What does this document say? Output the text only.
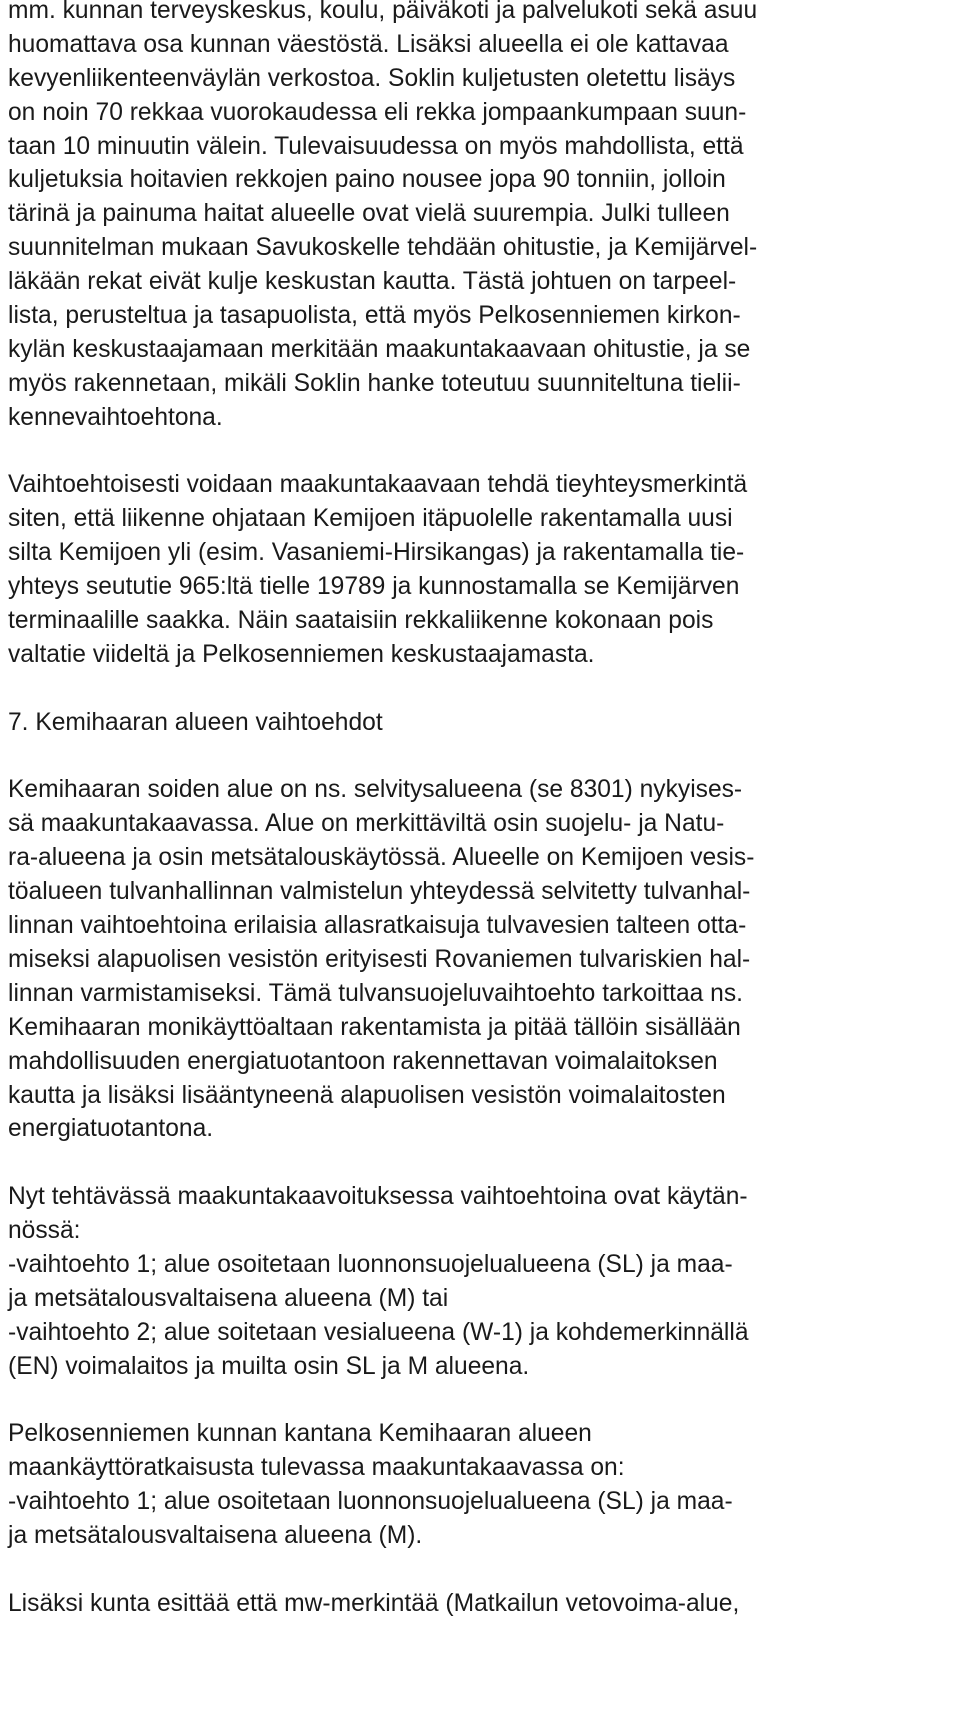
mm. kunnan terveyskeskus, koulu, päiväkoti ja palvelukoti sekä asuu
huomattava osa kunnan väestöstä. Lisäksi alueella ei ole kattavaa
kevyenliikenteenväylän verkostoa. Soklin kuljetusten oletettu lisäys
on noin 70 rekkaa vuorokaudessa eli rekka jompaankumpaan suun-
taan 10 minuutin välein. Tulevaisuudessa on myös mahdollista, että
kuljetuksia hoitavien rekkojen paino nousee jopa 90 tonniin, jolloin
tärinä ja painuma haitat alueelle ovat vielä suurempia. Julki tulleen
suunnitelman mukaan Savukoskelle tehdään ohitustie, ja Kemijärvel-
läkään rekat eivät kulje keskustan kautta. Tästä johtuen on tarpeel-
lista, perusteltua ja tasapuolista, että myös Pelkosenniemen kirkon-
kylän keskustaajamaan merkitään maakuntakaavaan ohitustie, ja se
myös rakennetaan, mikäli Soklin hanke toteutuu suunniteltuna tielii-
kennevaihtoehtona.
Vaihtoehtoisesti voidaan maakuntakaavaan tehdä tieyhteysmerkintä
siten, että liikenne ohjataan Kemijoen itäpuolelle rakentamalla uusi
silta Kemijoen yli (esim. Vasaniemi-Hirsikangas) ja rakentamalla tie-
yhteys seututie 965:ltä tielle 19789 ja kunnostamalla se Kemijärven
terminaalille saakka. Näin saataisiin rekkaliikenne kokonaan pois
valtatie viideltä ja Pelkosenniemen keskustaajamasta.
7. Kemihaaran alueen vaihtoehdot
Kemihaaran soiden alue on ns. selvitysalueena (se 8301) nykyises-
sä maakuntakaavassa. Alue on merkittäviltä osin suojelu- ja Natu-
ra-alueena ja osin metsätalouskäytössä. Alueelle on Kemijoen vesis-
töalueen tulvanhallinnan valmistelun yhteydessä selvitetty tulvanhal-
linnan vaihtoehtoina erilaisia allasratkaisuja tulvavesien talteen otta-
miseksi alapuolisen vesistön erityisesti Rovaniemen tulvariskien hal-
linnan varmistamiseksi. Tämä tulvansuojeluvaihtoehto tarkoittaa ns.
Kemihaaran monikäyttöaltaan rakentamista ja pitää tällöin sisällään
mahdollisuuden energiatuotantoon rakennettavan voimalaitoksen
kautta ja lisäksi lisääntyneenä alapuolisen vesistön voimalaitosten
energiatuotantona.
Nyt tehtävässä maakuntakaavoituksessa vaihtoehtoina ovat käytän-
nössä:
-vaihtoehto 1; alue osoitetaan luonnonsuojelualueena (SL) ja maa-
ja metsätalousvaltaisena alueena (M) tai
-vaihtoehto 2; alue soitetaan vesialueena (W-1) ja kohdemerkinnällä
(EN) voimalaitos ja muilta osin SL ja M alueena.
Pelkosenniemen kunnan kantana Kemihaaran alueen
maankäyttöratkaisusta tulevassa maakuntakaavassa on:
-vaihtoehto 1; alue osoitetaan luonnonsuojelualueena (SL) ja maa-
ja metsätalousvaltaisena alueena (M).
Lisäksi kunta esittää että mw-merkintää (Matkailun vetovoima-alue,
